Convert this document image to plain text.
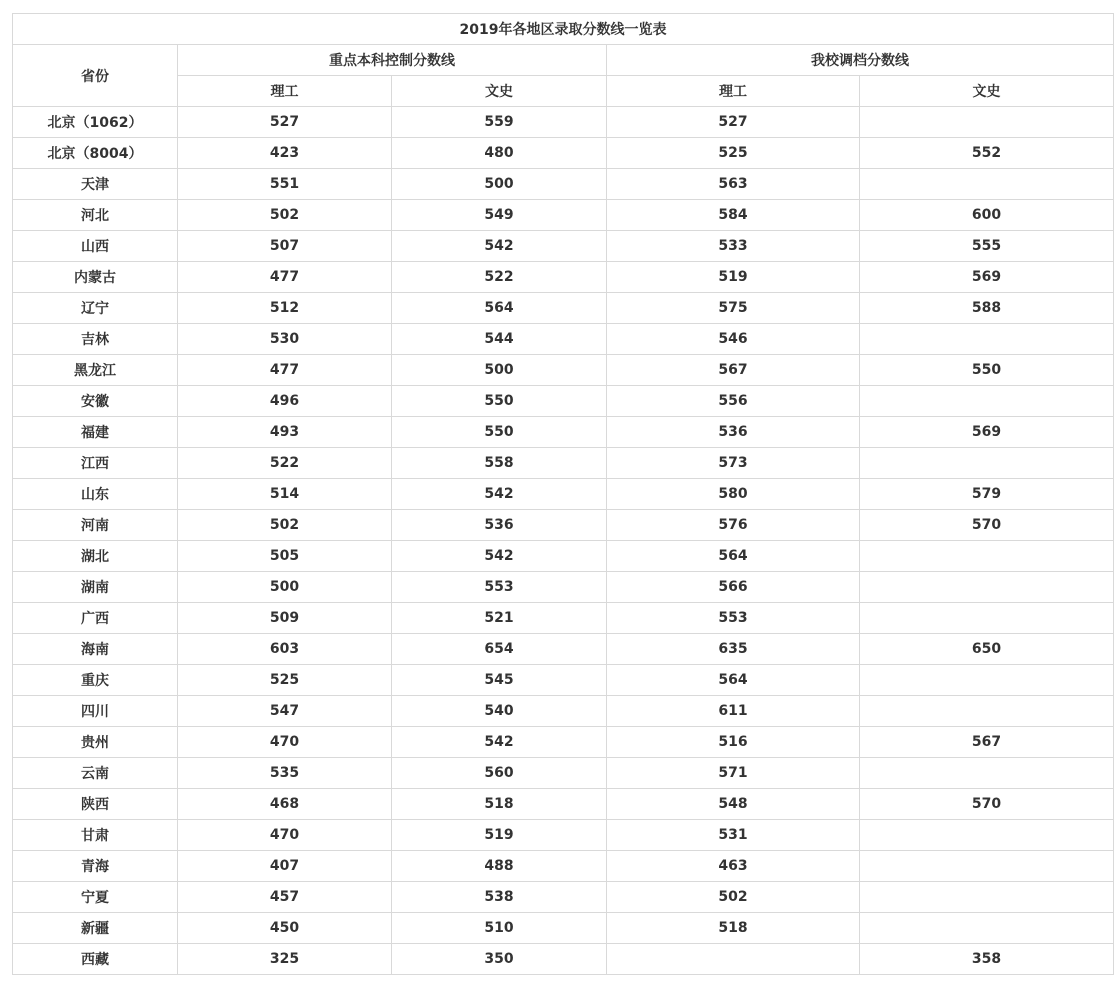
2019年各地区录取分数线一览表				
省份	重点本科控制分数线		我校调档分数线	
	理工	文史	理工	文史
北京（1062）	527	559	527	
北京（8004）	423	480	525	552
天津	551	500	563	
河北	502	549	584	600
山西	507	542	533	555
内蒙古	477	522	519	569
辽宁	512	564	575	588
吉林	530	544	546	
黑龙江	477	500	567	550
安徽	496	550	556	
福建	493	550	536	569
江西	522	558	573	
山东	514	542	580	579
河南	502	536	576	570
湖北	505	542	564	
湖南	500	553	566	
广西	509	521	553	
海南	603	654	635	650
重庆	525	545	564	
四川	547	540	611	
贵州	470	542	516	567
云南	535	560	571	
陕西	468	518	548	570
甘肃	470	519	531	
青海	407	488	463	
宁夏	457	538	502	
新疆	450	510	518	
西藏	325	350		358
